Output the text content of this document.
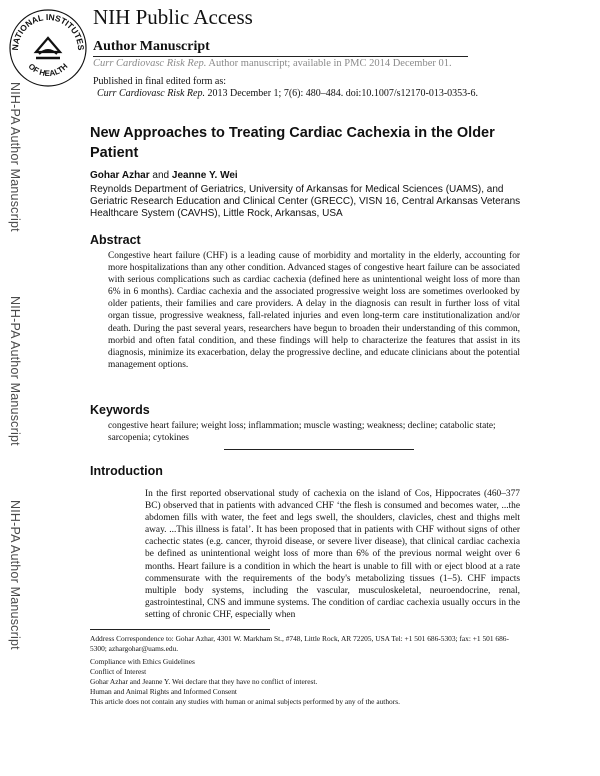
NATIONAL INSTITUTES
OF HEALTH
NIH Public Access
Author Manuscript
Curr Cardiovasc Risk Rep. Author manuscript; available in PMC 2014 December 01.
NIH-PA Author Manuscript
NIH-PA Author Manuscript
NIH-PA Author Manuscript
Published in final edited form as:
Curr Cardiovasc Risk Rep. 2013 December 1; 7(6): 480–484. doi:10.1007/s12170-013-0353-6.
New Approaches to Treating Cardiac Cachexia in the Older Patient
Gohar Azhar and Jeanne Y. Wei
Reynolds Department of Geriatrics, University of Arkansas for Medical Sciences (UAMS), and Geriatric Research Education and Clinical Center (GRECC), VISN 16, Central Arkansas Veterans Healthcare System (CAVHS), Little Rock, Arkansas, USA
Abstract

Congestive heart failure (CHF) is a leading cause of morbidity and mortality in the elderly, accounting for more hospitalizations than any other condition. Advanced stages of congestive heart failure can be associated with serious complications such as cardiac cachexia (defined here as unintentional weight loss of more than 6% in 6 months). Cardiac cachexia and the associated progressive weight loss are sometimes overlooked by older patients, their families and care providers. A delay in the diagnosis can result in further loss of vital organ tissue, progressive weakness, fall-related injuries and even long-term care institutionalization and/or death. During the past several years, researchers have begun to broaden their understanding of this common, morbid and often fatal condition, and these findings will help to characterize the features that assist in its diagnosis, minimize its exacerbation, delay the progressive decline, and educate clinicians about the potential management options.

Keywords
congestive heart failure; weight loss; inflammation; muscle wasting; weakness; decline; catabolic state; sarcopenia; cytokines
Introduction

In the first reported observational study of cachexia on the island of Cos, Hippocrates (460–377 BC) observed that in patients with advanced CHF ‘the flesh is consumed and becomes water, ...the abdomen fills with water, the feet and legs swell, the shoulders, clavicles, chest and thighs melt away. ...This illness is fatal’. It has been proposed that in patients with CHF without signs of other cachectic states (e.g. cancer, thyroid disease, or severe liver disease), that clinical cardiac cachexia be defined as unintentional weight loss of more than 6% of the previous normal weight over 6 months. Heart failure is a condition in which the heart is unable to fill with or eject blood at a rate commensurate with the requirements of the body's metabolizing tissues (1–5). CHF impacts multiple body systems, including the vascular, musculoskeletal, neuroendocrine, renal, gastrointestinal, CNS and immune systems. The condition of cardiac cachexia usually occurs in the setting of chronic CHF, especially when

Address Correspondence to: Gohar Azhar, 4301 W. Markham St., #748, Little Rock, AR 72205, USA Tel: +1 501 686-5303; fax: +1 501 686-5300; azhargohar@uams.edu.
Compliance with Ethics Guidelines
Conflict of Interest
Gohar Azhar and Jeanne Y. Wei declare that they have no conflict of interest.
Human and Animal Rights and Informed Consent
This article does not contain any studies with human or animal subjects performed by any of the authors.
